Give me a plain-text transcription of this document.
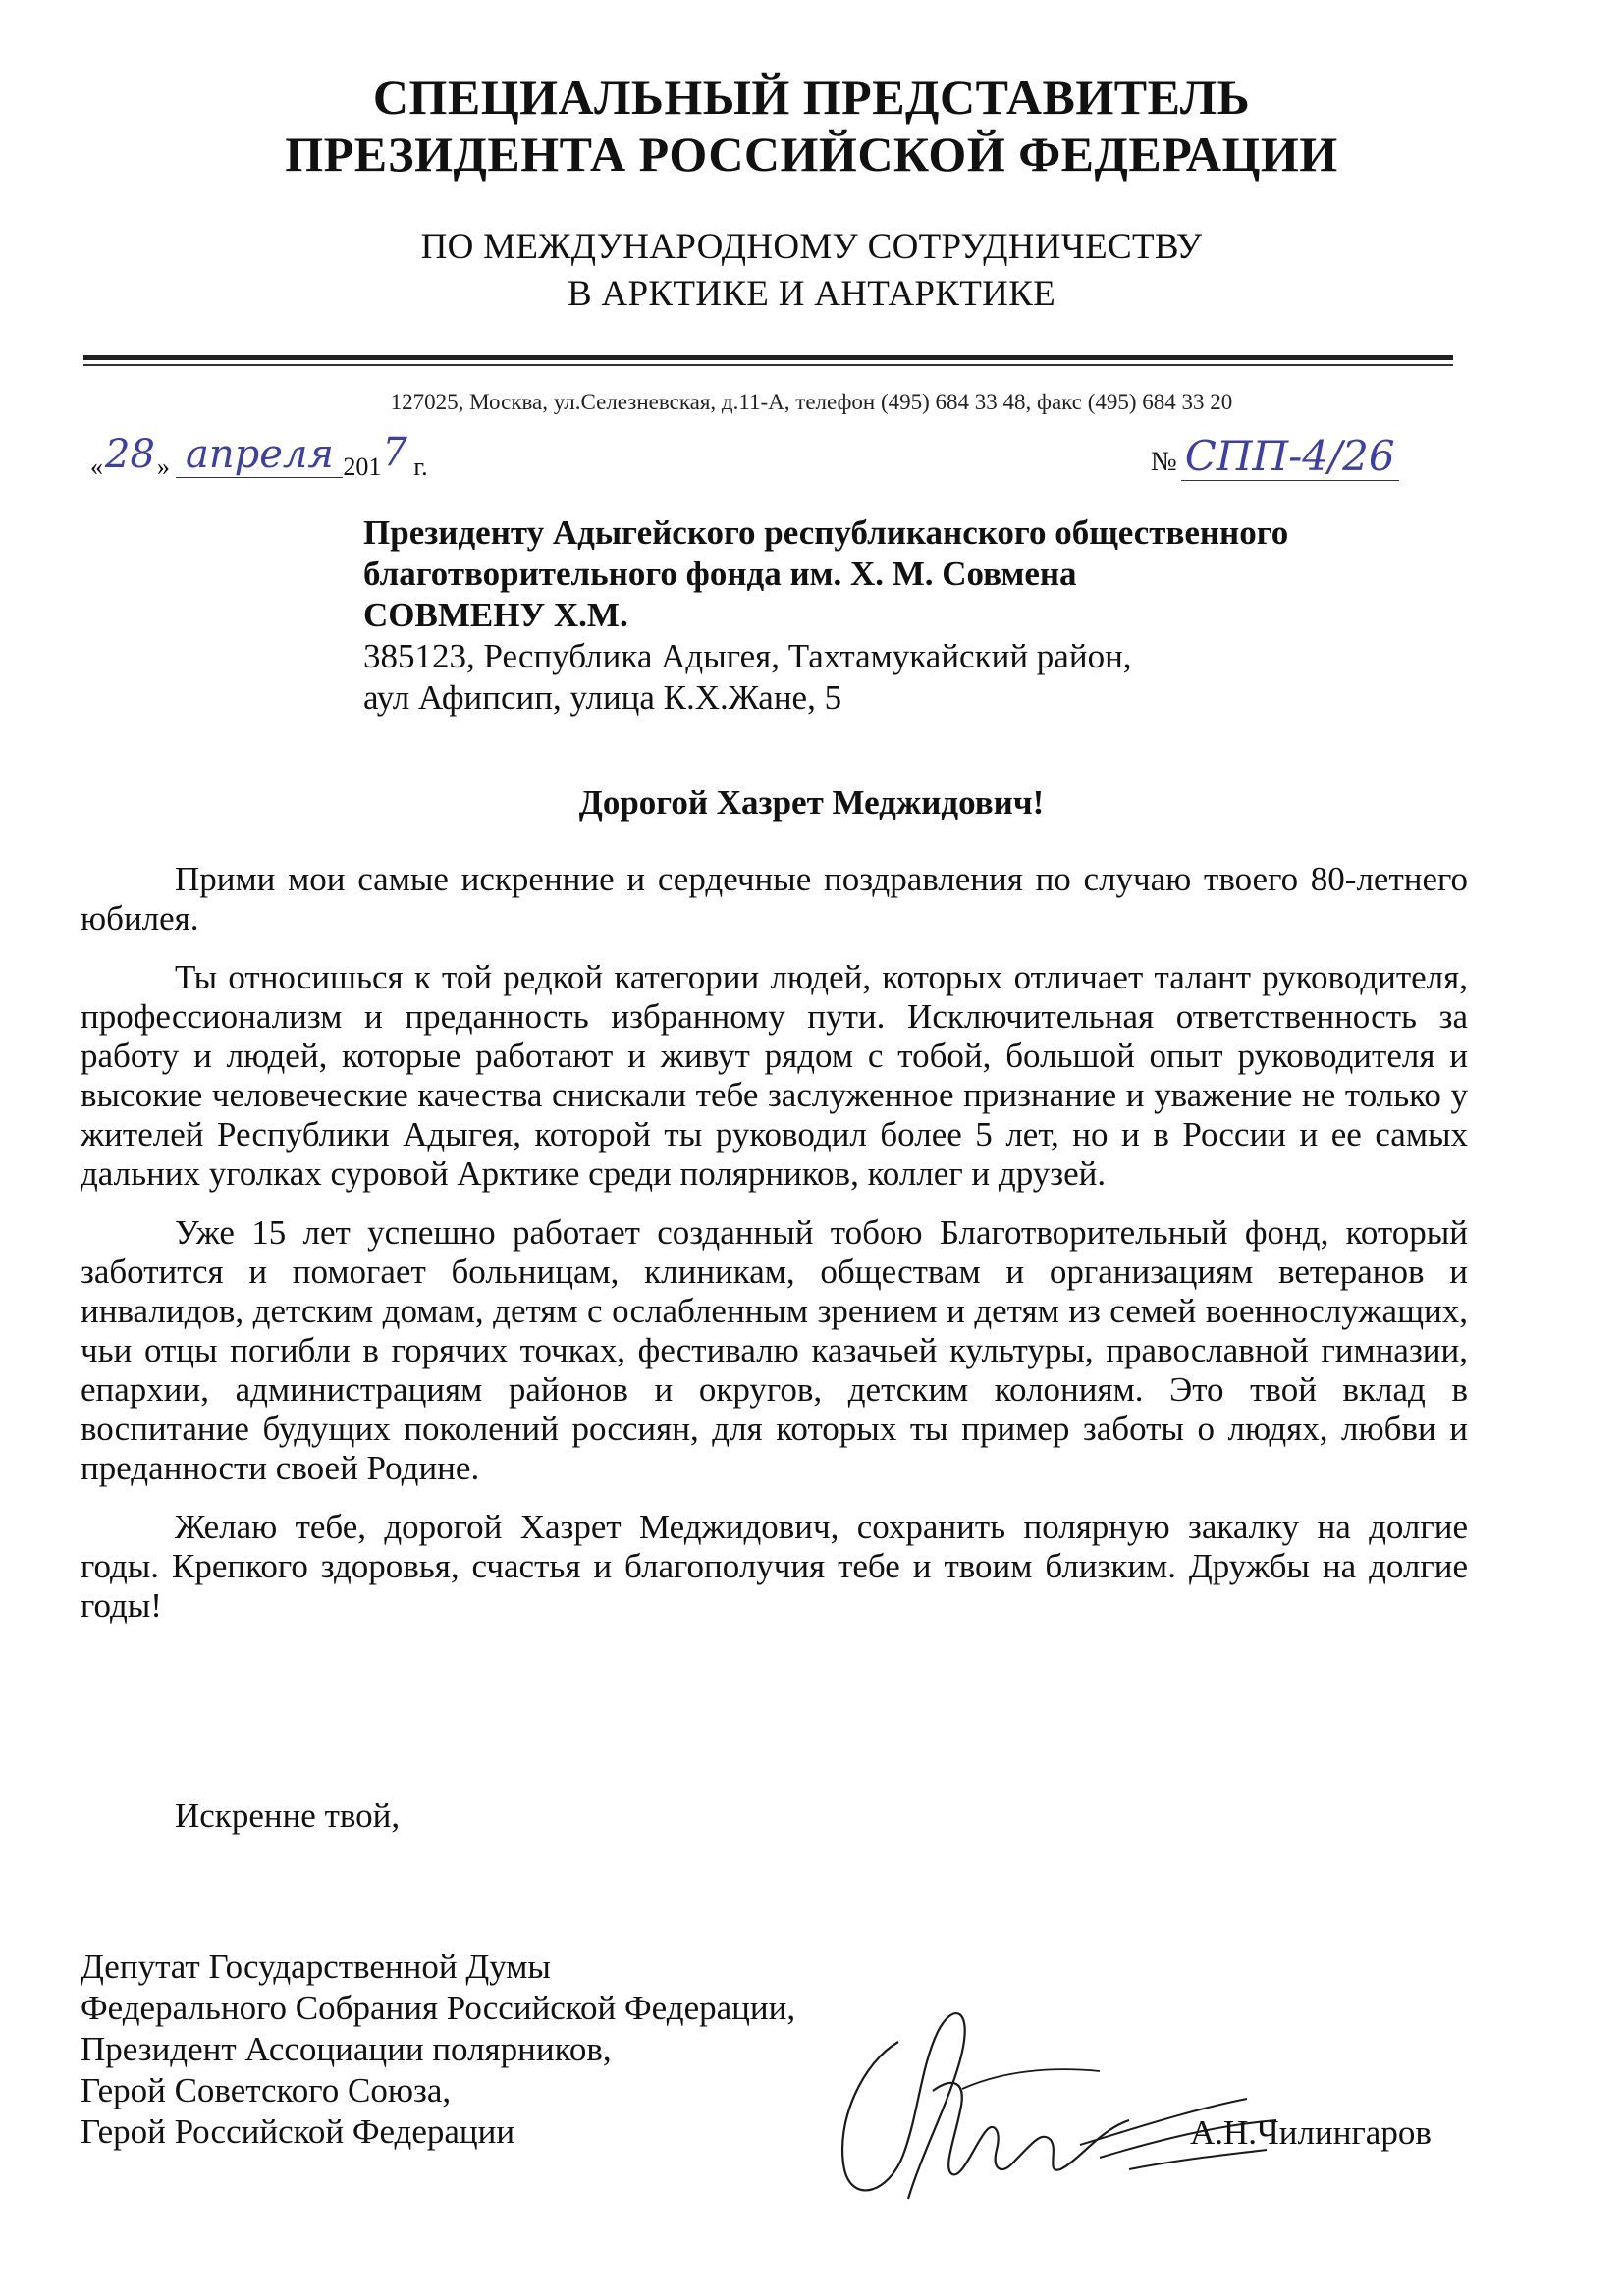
СПЕЦИАЛЬНЫЙ ПРЕДСТАВИТЕЛЬ
ПРЕЗИДЕНТА РОССИЙСКОЙ ФЕДЕРАЦИИ
ПО МЕЖДУНАРОДНОМУ СОТРУДНИЧЕСТВУ
В АРКТИКЕ И АНТАРКТИКЕ
127025, Москва, ул.Селезневская, д.11-А, телефон (495) 684 33 48, факс (495) 684 33 20
«28» апреля 2017 г.	№ СПП-4/26
Президенту Адыгейского республиканского общественного
благотворительного фонда им. Х. М. Совмена
СОВМЕНУ Х.М.
385123, Республика Адыгея, Тахтамукайский район,
аул Афипсип, улица К.Х.Жане, 5
Дорогой Хазрет Меджидович!

Прими мои самые искренние и сердечные поздравления по случаю твоего 80-летнего юбилея.

Ты относишься к той редкой категории людей, которых отличает талант руководителя, профессионализм и преданность избранному пути. Исключительная ответственность за работу и людей, которые работают и живут рядом с тобой, большой опыт руководителя и высокие человеческие качества снискали тебе заслуженное признание и уважение не только у жителей Республики Адыгея, которой ты руководил более 5 лет, но и в России и ее самых дальних уголках суровой Арктике среди полярников, коллег и друзей.

Уже 15 лет успешно работает созданный тобою Благотворительный фонд, который заботится и помогает больницам, клиникам, обществам и организациям ветеранов и инвалидов, детским домам, детям с ослабленным зрением и детям из семей военнослужащих, чьи отцы погибли в горячих точках, фестивалю казачьей культуры, православной гимназии, епархии, администрациям районов и округов, детским колониям. Это твой вклад в воспитание будущих поколений россиян, для которых ты пример заботы о людях, любви и преданности своей Родине.

Желаю тебе, дорогой Хазрет Меджидович, сохранить полярную закалку на долгие годы. Крепкого здоровья, счастья и благополучия тебе и твоим близким. Дружбы на долгие годы!

Искренне твой,
Депутат Государственной Думы
Федерального Собрания Российской Федерации,
Президент Ассоциации полярников,
Герой Советского Союза,
Герой Российской Федерации	А.Н.Чилингаров
